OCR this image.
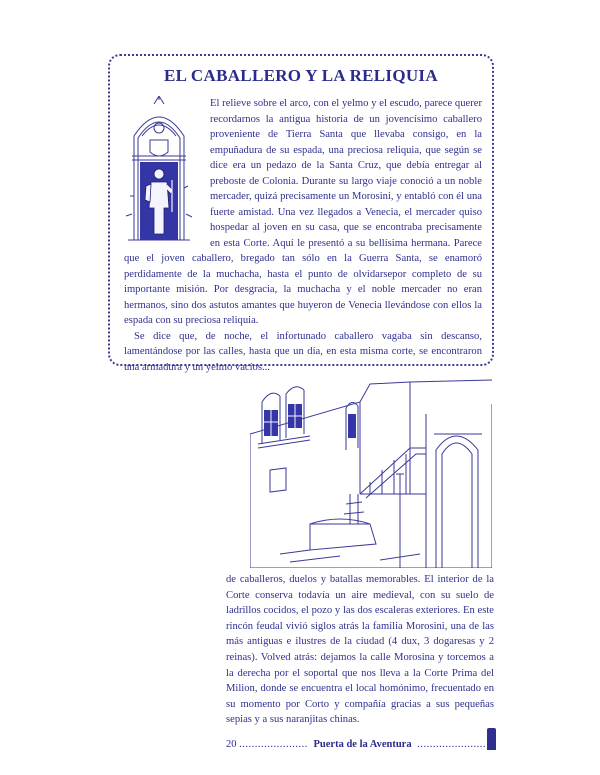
EL CABALLERO Y LA RELIQUIA

El relieve sobre el arco, con el yelmo y el escudo, parece querer recordarnos la antigua historia de un jovencísimo caballero proveniente de Tierra Santa que llevaba consigo, en la empuñadura de su espada, una preciosa reliquia, que según se dice era un pedazo de la Santa Cruz, que debía entregar al preboste de Colonia. Durante su largo viaje conoció a un noble mercader, quizá precisamente un Morosini, y entabló con él una fuerte amistad. Una vez llegados a Venecia, el mercader quiso hospedar al joven en su casa, que se encontraba precisamente en esta Corte. Aquí le presentó a su bellísima hermana. Parece que el joven caballero, bregado tan sólo en la Guerra Santa, se enamoró perdidamente de la muchacha, hasta el punto de olvidarsepor completo de su importante misión. Por desgracia, la muchacha y el noble mercader no eran hermanos, sino dos astutos amantes que huyeron de Venecia llevándose con ellos la espada con su preciosa reliquia.

Se dice que, de noche, el infortunado caballero vagaba sin descanso, lamentándose por las calles, hasta que un día, en esta misma corte, se encontraron una armadura y un yelmo vacíos...

de caballeros, duelos y batallas memorables. El interior de la Corte conserva todavía un aire medieval, con su suelo de ladrillos cocidos, el pozo y las dos escaleras exteriores. En este rincón feudal vivió siglos atrás la familia Morosini, una de las más antiguas e ilustres de la ciudad (4 dux, 3 dogaresas y 2 reinas). Volved atrás: dejamos la calle Morosina y torcemos a la derecha por el soportal que nos lleva a la Corte Prima del Milion, donde se encuentra el local homónimo, frecuentado en su momento por Corto y compañía gracias a sus pequeñas sepias y a sus naranjitas chinas.
20 ...................... Puerta de la Aventura ......................
